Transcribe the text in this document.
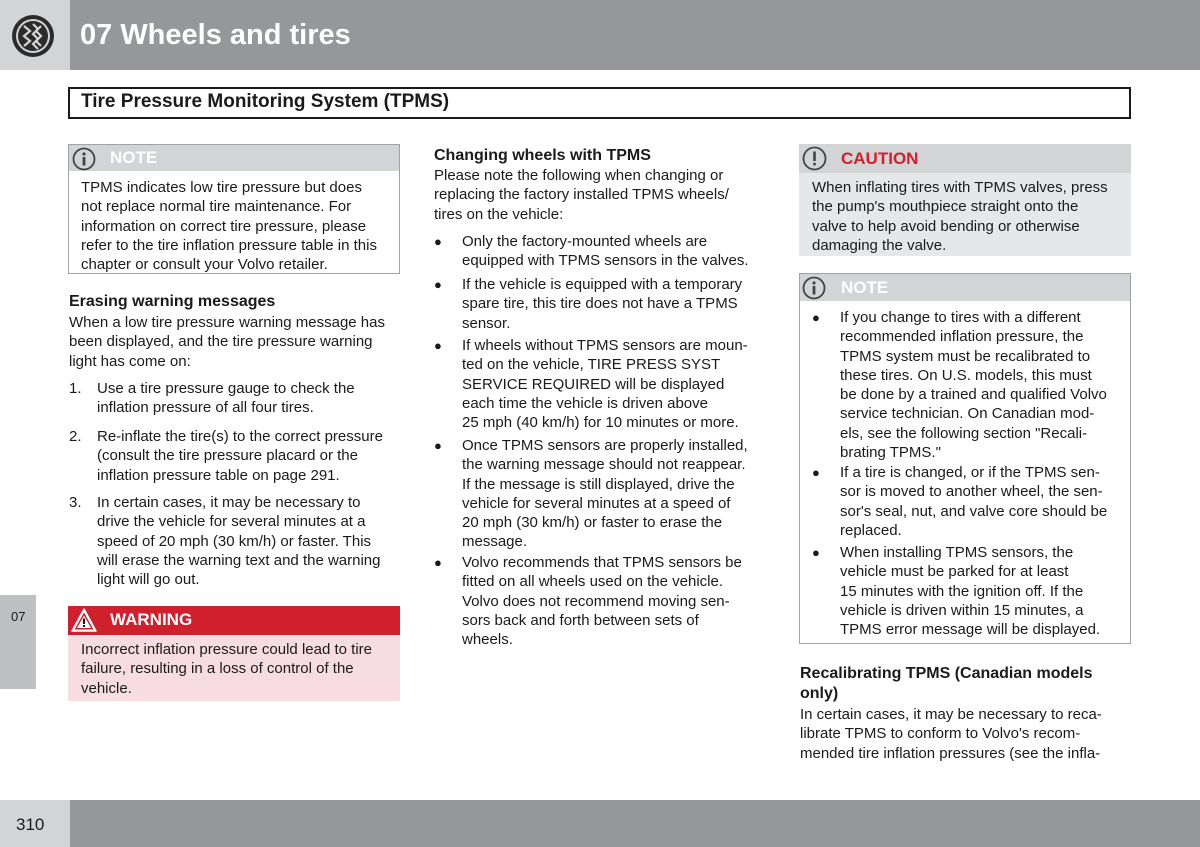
07 Wheels and tires
Tire Pressure Monitoring System (TPMS)
07
NOTE
TPMS indicates low tire pressure but does
not replace normal tire maintenance. For
information on correct tire pressure, please
refer to the tire inflation pressure table in this
chapter or consult your Volvo retailer.
Erasing warning messages
When a low tire pressure warning message has
been displayed, and the tire pressure warning
light has come on:
1. Use a tire pressure gauge to check the
inflation pressure of all four tires.
2. Re-inflate the tire(s) to the correct pressure
(consult the tire pressure placard or the
inflation pressure table on page 291.
3. In certain cases, it may be necessary to
drive the vehicle for several minutes at a
speed of 20 mph (30 km/h) or faster. This
will erase the warning text and the warning
light will go out.
WARNING
Incorrect inflation pressure could lead to tire
failure, resulting in a loss of control of the
vehicle.
Changing wheels with TPMS
Please note the following when changing or
replacing the factory installed TPMS wheels/
tires on the vehicle:
● Only the factory-mounted wheels are
equipped with TPMS sensors in the valves.
● If the vehicle is equipped with a temporary
spare tire, this tire does not have a TPMS
sensor.
● If wheels without TPMS sensors are moun-
ted on the vehicle, TIRE PRESS SYST
SERVICE REQUIRED will be displayed
each time the vehicle is driven above
25 mph (40 km/h) for 10 minutes or more.
● Once TPMS sensors are properly installed,
the warning message should not reappear.
If the message is still displayed, drive the
vehicle for several minutes at a speed of
20 mph (30 km/h) or faster to erase the
message.
● Volvo recommends that TPMS sensors be
fitted on all wheels used on the vehicle.
Volvo does not recommend moving sen-
sors back and forth between sets of
wheels.
CAUTION
When inflating tires with TPMS valves, press
the pump's mouthpiece straight onto the
valve to help avoid bending or otherwise
damaging the valve.
NOTE
● If you change to tires with a different
recommended inflation pressure, the
TPMS system must be recalibrated to
these tires. On U.S. models, this must
be done by a trained and qualified Volvo
service technician. On Canadian mod-
els, see the following section "Recali-
brating TPMS."
● If a tire is changed, or if the TPMS sen-
sor is moved to another wheel, the sen-
sor's seal, nut, and valve core should be
replaced.
● When installing TPMS sensors, the
vehicle must be parked for at least
15 minutes with the ignition off. If the
vehicle is driven within 15 minutes, a
TPMS error message will be displayed.
Recalibrating TPMS (Canadian models
only)
In certain cases, it may be necessary to reca-
librate TPMS to conform to Volvo's recom-
mended tire inflation pressures (see the infla-
310
